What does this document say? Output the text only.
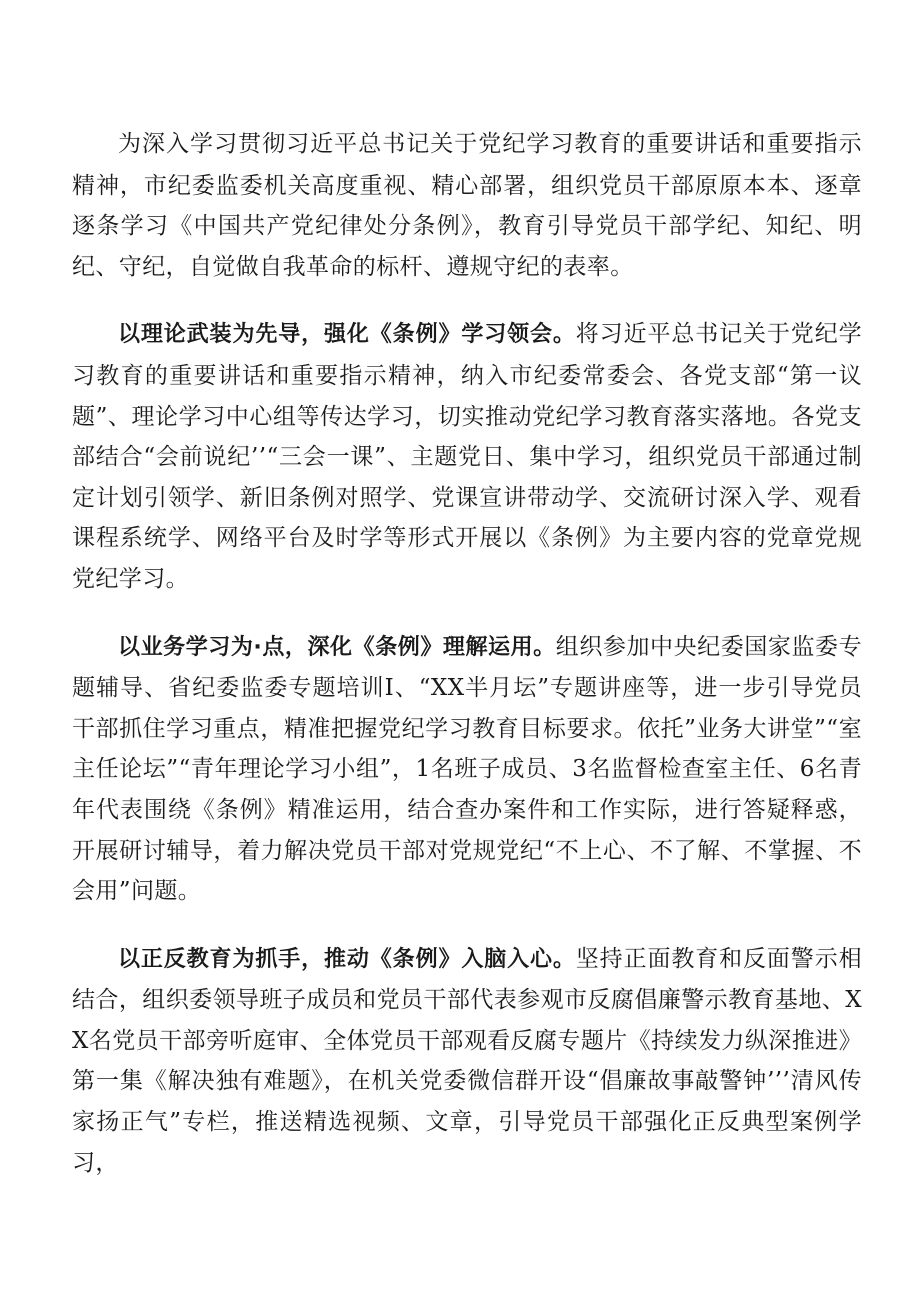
为深入学习贯彻习近平总书记关于党纪学习教育的重要讲话和重要指示精神，市纪委监委机关高度重视、精心部署，组织党员干部原原本本、逐章逐条学习《中国共产党纪律处分条例》，教育引导党员干部学纪、知纪、明纪、守纪，自觉做自我革命的标杆、遵规守纪的表率。

以理论武装为先导，强化《条例》学习领会。将习近平总书记关于党纪学习教育的重要讲话和重要指示精神，纳入市纪委常委会、各党支部“第一议题”、理论学习中心组等传达学习，切实推动党纪学习教育落实落地。各党支部结合“会前说纪’’“三会一课”、主题党日、集中学习，组织党员干部通过制定计划引领学、新旧条例对照学、党课宣讲带动学、交流研讨深入学、观看课程系统学、网络平台及时学等形式开展以《条例》为主要内容的党章党规党纪学习。

以业务学习为·点，深化《条例》理解运用。组织参加中央纪委国家监委专题辅导、省纪委监委专题培训I、“XX半月坛”专题讲座等，进一步引导党员干部抓住学习重点，精准把握党纪学习教育目标要求。依托”业务大讲堂”“室主任论坛”“青年理论学习小组”，1名班子成员、3名监督检查室主任、6名青年代表围绕《条例》精准运用，结合查办案件和工作实际，进行答疑释惑，开展研讨辅导，着力解决党员干部对党规党纪“不上心、不了解、不掌握、不会用”问题。

以正反教育为抓手，推动《条例》入脑入心。坚持正面教育和反面警示相结合，组织委领导班子成员和党员干部代表参观市反腐倡廉警示教育基地、XX名党员干部旁听庭审、全体党员干部观看反腐专题片《持续发力纵深推进》第一集《解决独有难题》，在机关党委微信群开设“倡廉故事敲警钟’’’清风传家扬正气”专栏，推送精选视频、文章，引导党员干部强化正反典型案例学习，
